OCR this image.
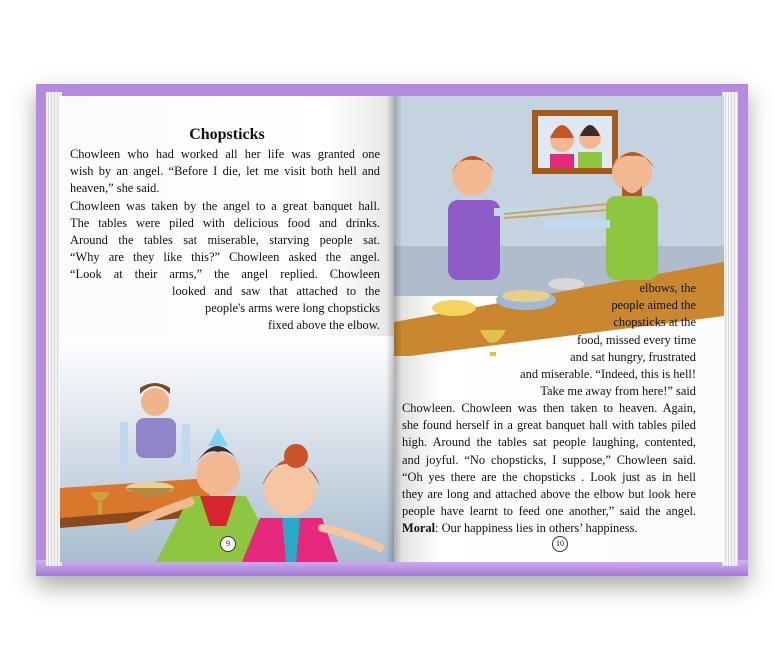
Chopsticks
Chowleen who had worked all her life was granted one
wish by an angel. “Before I die, let me visit both hell and
heaven,” she said.
Chowleen was taken by the angel to a great banquet hall.
The tables were piled with delicious food and drinks.
Around the tables sat miserable, starving people sat.
“Why are they like this?” Chowleen asked the angel.
“Look at their arms,” the angel replied. Chowleen
looked and saw that attached to the
people's arms were long chopsticks
fixed above the elbow.
9
elbows, the
people aimed the
chopsticks at the
food, missed every time
and sat hungry, frustrated
and miserable. “Indeed, this is hell!
Take me away from here!” said
Chowleen. Chowleen was then taken to heaven. Again,
she found herself in a great banquet hall with tables piled
high. Around the tables sat people laughing, contented,
and joyful. “No chopsticks, I suppose,” Chowleen said.
“Oh yes there are the chopsticks . Look just as in hell
they are long and attached above the elbow but look here
people have learnt to feed one another,” said the angel.
Moral: Our happiness lies in others’ happiness.
10
